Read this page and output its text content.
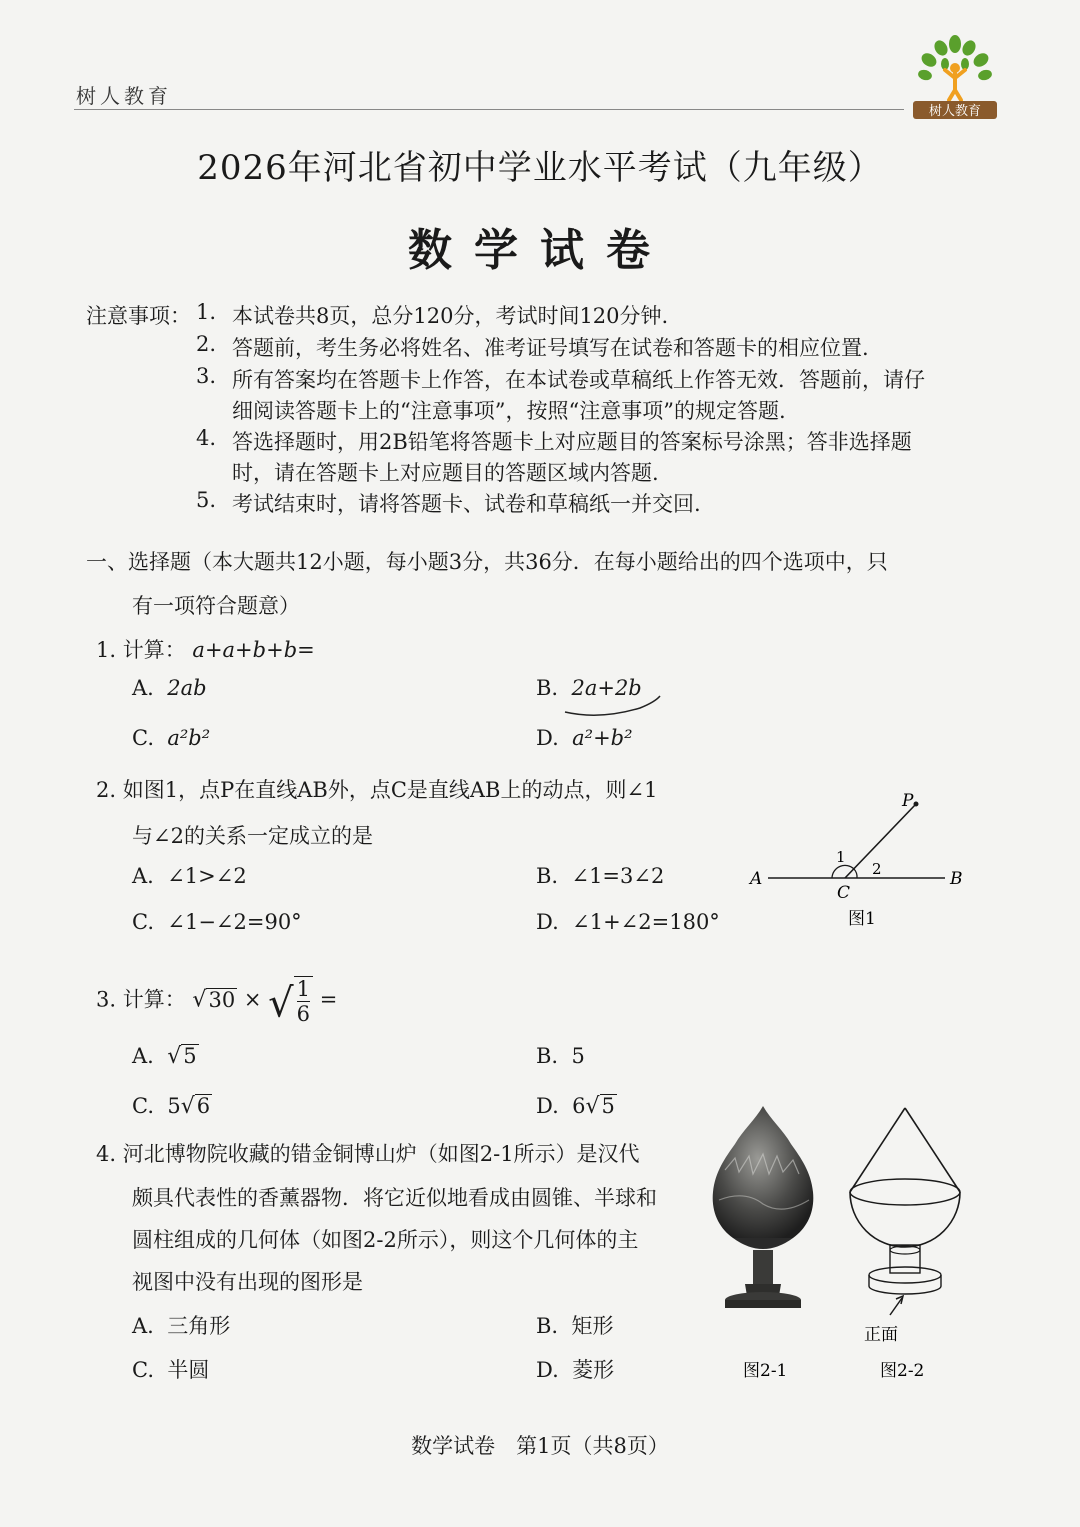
树人教育
树人教育
2026年河北省初中学业水平考试（九年级）
数学试卷
注意事项： 1. 本试卷共8页，总分120分，考试时间120分钟.
2. 答题前，考生务必将姓名、准考证号填写在试卷和答题卡的相应位置.
3. 所有答案均在答题卡上作答，在本试卷或草稿纸上作答无效．答题前，请仔
细阅读答题卡上的“注意事项”，按照“注意事项”的规定答题.
4. 答选择题时，用2B铅笔将答题卡上对应题目的答案标号涂黑；答非选择题
时，请在答题卡上对应题目的答题区域内答题.
5. 考试结束时，请将答题卡、试卷和草稿纸一并交回.
一、选择题（本大题共12小题，每小题3分，共36分．在每小题给出的四个选项中，只
有一项符合题意）
1. 计算： a+a+b+b=
A. 2ab	B. 2a+2b
C. a²b²	D. a²+b²
2. 如图1，点P在直线AB外，点C是直线AB上的动点，则∠1
与∠2的关系一定成立的是
A. ∠1>∠2	B. ∠1=3∠2
C. ∠1−∠2=90°	D. ∠1+∠2=180°
A	B
C
P
1
2
图1
3. 计算： √30 × √ $\frac{1}{6}$ =
A. √5	B. 5
C. 5√6	D. 6√5
4. 河北博物院收藏的错金铜博山炉（如图2-1所示）是汉代
颇具代表性的香薰器物．将它近似地看成由圆锥、半球和
圆柱组成的几何体（如图2-2所示），则这个几何体的主
视图中没有出现的图形是
A. 三角形	B. 矩形
C. 半圆	D. 菱形	图2-1
正面
图2-2
数学试卷　第1页（共8页）
